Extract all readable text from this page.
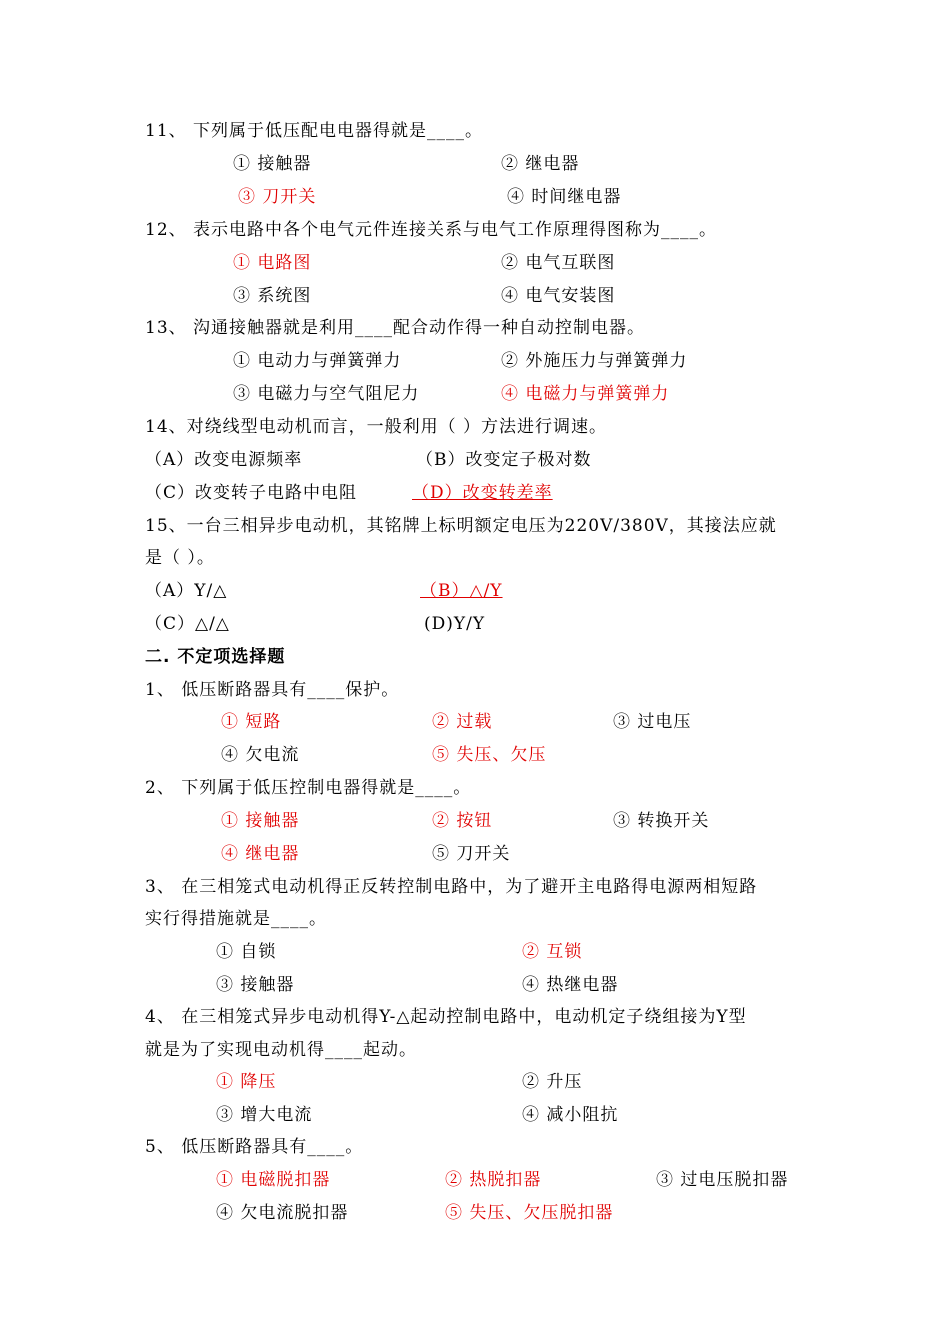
11、 下列属于低压配电电器得就是____。
① 接触器	② 继电器
③ 刀开关	④ 时间继电器
12、 表示电路中各个电气元件连接关系与电气工作原理得图称为____。
① 电路图	② 电气互联图
③ 系统图	④ 电气安装图
13、 沟通接触器就是利用____配合动作得一种自动控制电器。
① 电动力与弹簧弹力	② 外施压力与弹簧弹力
③ 电磁力与空气阻尼力	④ 电磁力与弹簧弹力
14、对绕线型电动机而言，一般利用（ ）方法进行调速。
（A）改变电源频率	（B）改变定子极对数
（C）改变转子电路中电阻	（D）改变转差率
15、一台三相异步电动机，其铭牌上标明额定电压为220V/380V，其接法应就
是（ ）。
（A）Y/△	（B）△/Y
（C）△/△	(D)Y/Y
二. 不定项选择题
1、 低压断路器具有____保护。
① 短路	② 过载	③ 过电压
④ 欠电流	⑤ 失压、欠压
2、 下列属于低压控制电器得就是____。
① 接触器	② 按钮	③ 转换开关
④ 继电器	⑤ 刀开关
3、 在三相笼式电动机得正反转控制电路中，为了避开主电路得电源两相短路
实行得措施就是____。
① 自锁	② 互锁
③ 接触器	④ 热继电器
4、 在三相笼式异步电动机得Y-△起动控制电路中，电动机定子绕组接为Y型
就是为了实现电动机得____起动。
① 降压	② 升压
③ 增大电流	④ 减小阻抗
5、 低压断路器具有____。
① 电磁脱扣器	② 热脱扣器	③ 过电压脱扣器
④ 欠电流脱扣器	⑤ 失压、欠压脱扣器
